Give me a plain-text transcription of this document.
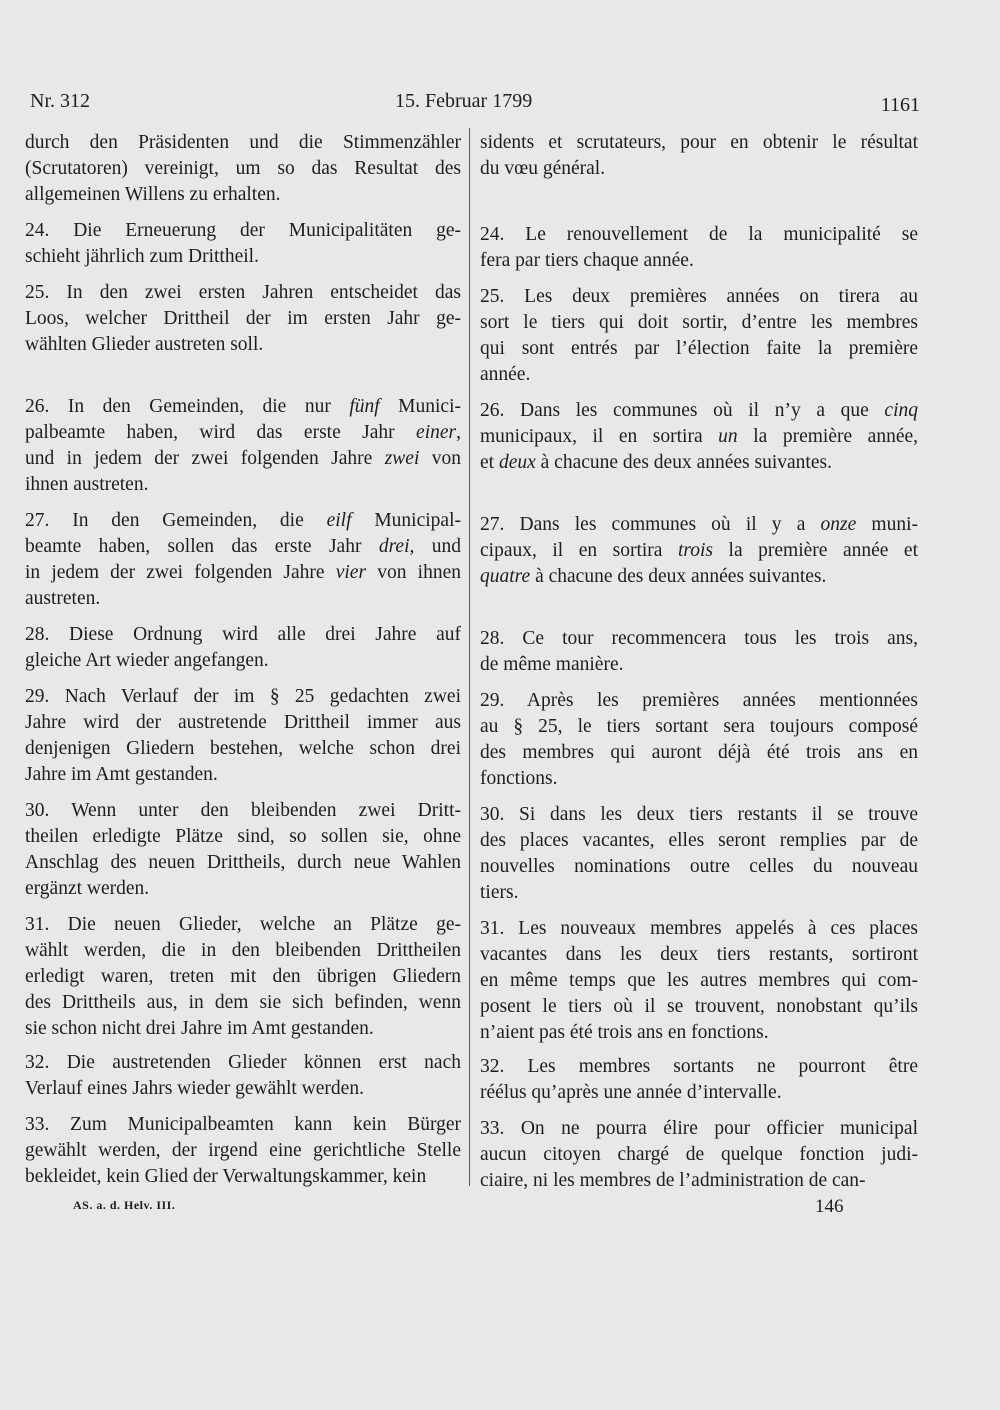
Nr. 312	15. Februar 1799	1161
durch den Präsidenten und die Stimmenzähler
(Scrutatoren) vereinigt, um so das Resultat des
allgemeinen Willens zu erhalten.
24. Die Erneuerung der Municipalitäten ge-
schieht jährlich zum Drittheil.
25. In den zwei ersten Jahren entscheidet das
Loos, welcher Drittheil der im ersten Jahr ge-
wählten Glieder austreten soll.
26. In den Gemeinden, die nur fünf Munici-
palbeamte haben, wird das erste Jahr einer,
und in jedem der zwei folgenden Jahre zwei von
ihnen austreten.
27. In den Gemeinden, die eilf Municipal-
beamte haben, sollen das erste Jahr drei, und
in jedem der zwei folgenden Jahre vier von ihnen
austreten.
28. Diese Ordnung wird alle drei Jahre auf
gleiche Art wieder angefangen.
29. Nach Verlauf der im § 25 gedachten zwei
Jahre wird der austretende Drittheil immer aus
denjenigen Gliedern bestehen, welche schon drei
Jahre im Amt gestanden.
30. Wenn unter den bleibenden zwei Dritt-
theilen erledigte Plätze sind, so sollen sie, ohne
Anschlag des neuen Drittheils, durch neue Wahlen
ergänzt werden.
31. Die neuen Glieder, welche an Plätze ge-
wählt werden, die in den bleibenden Drittheilen
erledigt waren, treten mit den übrigen Gliedern
des Drittheils aus, in dem sie sich befinden, wenn
sie schon nicht drei Jahre im Amt gestanden.
32. Die austretenden Glieder können erst nach
Verlauf eines Jahrs wieder gewählt werden.
33. Zum Municipalbeamten kann kein Bürger
gewählt werden, der irgend eine gerichtliche Stelle
bekleidet, kein Glied der Verwaltungskammer, kein
sidents et scrutateurs, pour en obtenir le résultat
du vœu général.
24. Le renouvellement de la municipalité se
fera par tiers chaque année.
25. Les deux premières années on tirera au
sort le tiers qui doit sortir, d’entre les membres
qui sont entrés par l’élection faite la première
année.
26. Dans les communes où il n’y a que cinq
municipaux, il en sortira un la première année,
et deux à chacune des deux années suivantes.
27. Dans les communes où il y a onze muni-
cipaux, il en sortira trois la première année et
quatre à chacune des deux années suivantes.
28. Ce tour recommencera tous les trois ans,
de même manière.
29. Après les premières années mentionnées
au § 25, le tiers sortant sera toujours composé
des membres qui auront déjà été trois ans en
fonctions.
30. Si dans les deux tiers restants il se trouve
des places vacantes, elles seront remplies par de
nouvelles nominations outre celles du nouveau
tiers.
31. Les nouveaux membres appelés à ces places
vacantes dans les deux tiers restants, sortiront
en même temps que les autres membres qui com-
posent le tiers où il se trouvent, nonobstant qu’ils
n’aient pas été trois ans en fonctions.
32. Les membres sortants ne pourront être
réélus qu’après une année d’intervalle.
33. On ne pourra élire pour officier municipal
aucun citoyen chargé de quelque fonction judi-
ciaire, ni les membres de l’administration de can-
AS. a. d. Helv. III.	146
